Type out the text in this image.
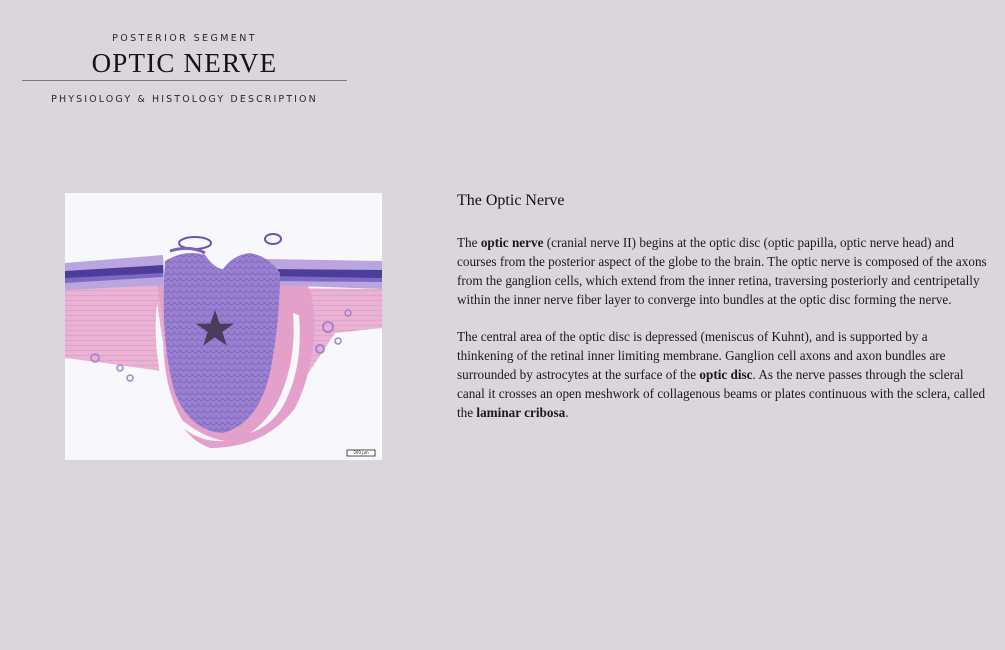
POSTERIOR SEGMENT
OPTIC NERVE
PHYSIOLOGY & HISTOLOGY DESCRIPTION
200 µm
The Optic Nerve

The optic nerve (cranial nerve II) begins at the optic disc (optic papilla, optic nerve head) and courses from the posterior aspect of the globe to the brain. The optic nerve is composed of the axons from the ganglion cells, which extend from the inner retina, traversing posteriorly and centripetally within the inner nerve fiber layer to converge into bundles at the optic disc forming the nerve.

The central area of the optic disc is depressed (meniscus of Kuhnt), and is supported by a thinkening of the retinal inner limiting membrane. Ganglion cell axons and axon bundles are surrounded by astrocytes at the surface of the optic disc. As the nerve passes through the scleral canal it crosses an open meshwork of collagenous beams or plates continuous with the sclera, called the laminar cribosa.
